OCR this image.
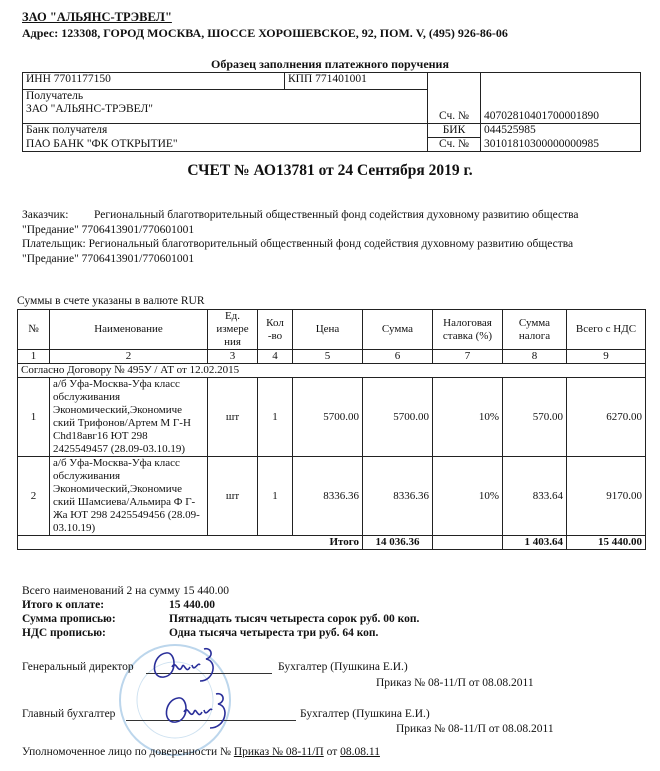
ЗАО "АЛЬЯНС-ТРЭВЕЛ"
Адрес: 123308, ГОРОД МОСКВА, ШОССЕ ХОРОШЕВСКОЕ, 92, ПОМ. V, (495) 926-86-06
Образец заполнения платежного поручения
ИНН 7701177150	КПП 771401001	Сч. №	40702810401700001890

Получатель
ЗАО "АЛЬЯНС-ТРЭВЕЛ"			

Банк получателя		БИК	044525985
ПАО БАНК "ФК ОТКРЫТИЕ"		Сч. №	30101810300000000985
СЧЕТ № АО13781 от 24 Сентября 2019 г.
Заказчик: Региональный благотворительный общественный фонд содействия духовному развитию общества
"Предание" 7706413901/770601001
Плательщик: Региональный благотворительный общественный фонд содействия духовному развитию общества
"Предание" 7706413901/770601001
Суммы в счете указаны в валюте RUR
№	Наименование	Ед. измере ния	Кол -во	Цена	Сумма	Налоговая ставка (%)	Сумма налога	Всего с НДС
1	2	3	4	5	6	7	8	9
Согласно Договору № 495У / АТ от 12.02.2015								
1	а/б Уфа-Москва-Уфа класс обслуживания Экономический,Экономиче ский Трифонов/Артем М Г-Н Chd18авг16 ЮТ 298 2425549457 (28.09-03.10.19)	шт	1	5700.00	5700.00	10%	570.00	6270.00
2	а/б Уфа-Москва-Уфа класс обслуживания Экономический,Экономиче ский Шамсиева/Альмира Ф Г-Жа ЮТ 298 2425549456 (28.09-03.10.19)	шт	1	8336.36	8336.36	10%	833.64	9170.00
Итого					14 036.36		1 403.64	15 440.00
Всего наименований 2 на сумму 15 440.00
Итого к оплате:	15 440.00
Сумма прописью:	Пятнадцать тысяч четыреста сорок руб. 00 коп.
НДС прописью:	Одна тысяча четыреста три руб. 64 коп.
Генеральный директор	Бухгалтер (Пушкина Е.И.)
Приказ № 08-11/П от 08.08.2011
Главный бухгалтер	Бухгалтер (Пушкина Е.И.)
Приказ № 08-11/П от 08.08.2011
Уполномоченное лицо по доверенности № Приказ № 08-11/П от 08.08.11
